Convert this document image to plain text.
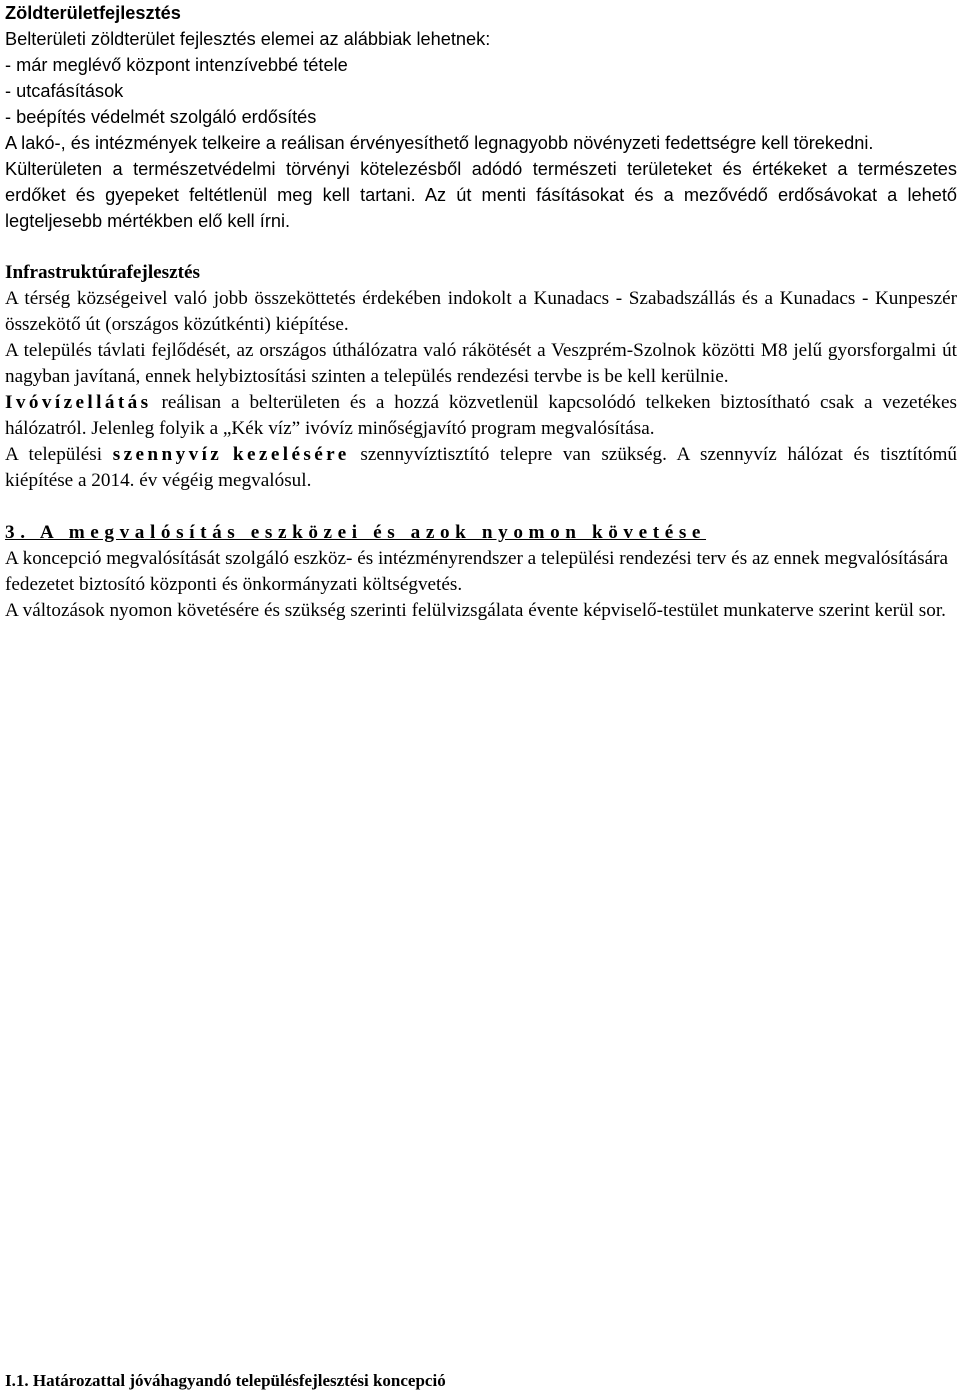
Zöldterületfejlesztés
Belterületi zöldterület fejlesztés elemei az alábbiak lehetnek:
- már meglévő központ intenzívebbé tétele
- utcafásítások
- beépítés védelmét szolgáló erdősítés

A lakó-, és intézmények telkeire a reálisan érvényesíthető legnagyobb növényzeti fedettségre kell törekedni.

Külterületen a természetvédelmi törvényi kötelezésből adódó természeti területeket és értékeket a természetes erdőket és gyepeket feltétlenül meg kell tartani. Az út menti fásításokat és a mezővédő erdősávokat a lehető legteljesebb mértékben elő kell írni.

Infrastruktúrafejlesztés

A térség községeivel való jobb összeköttetés érdekében indokolt a Kunadacs - Szabadszállás és a Kunadacs - Kunpeszér összekötő út (országos közútkénti) kiépítése.

A település távlati fejlődését, az országos úthálózatra való rákötését a Veszprém-Szolnok közötti M8 jelű gyorsforgalmi út nagyban javítaná, ennek helybiztosítási szinten a település rendezési tervbe is be kell kerülnie.

Ivóvízellátás reálisan a belterületen és a hozzá közvetlenül kapcsolódó telkeken biztosítható csak a vezetékes hálózatról. Jelenleg folyik a „Kék víz” ivóvíz minőségjavító program megvalósítása.

A települési szennyvíz kezelésére szennyvíztisztító telepre van szükség. A szennyvíz hálózat és tisztítómű kiépítése a 2014. év végéig megvalósul.

3. A megvalósítás eszközei és azok nyomon követése

A koncepció megvalósítását szolgáló eszköz- és intézményrendszer a települési rendezési terv és az ennek megvalósítására fedezetet biztosító központi és önkormányzati költségvetés.

A változások nyomon követésére és szükség szerinti felülvizsgálata évente képviselő-testület munkaterve szerint kerül sor.

I.1. Határozattal jóváhagyandó településfejlesztési koncepció
